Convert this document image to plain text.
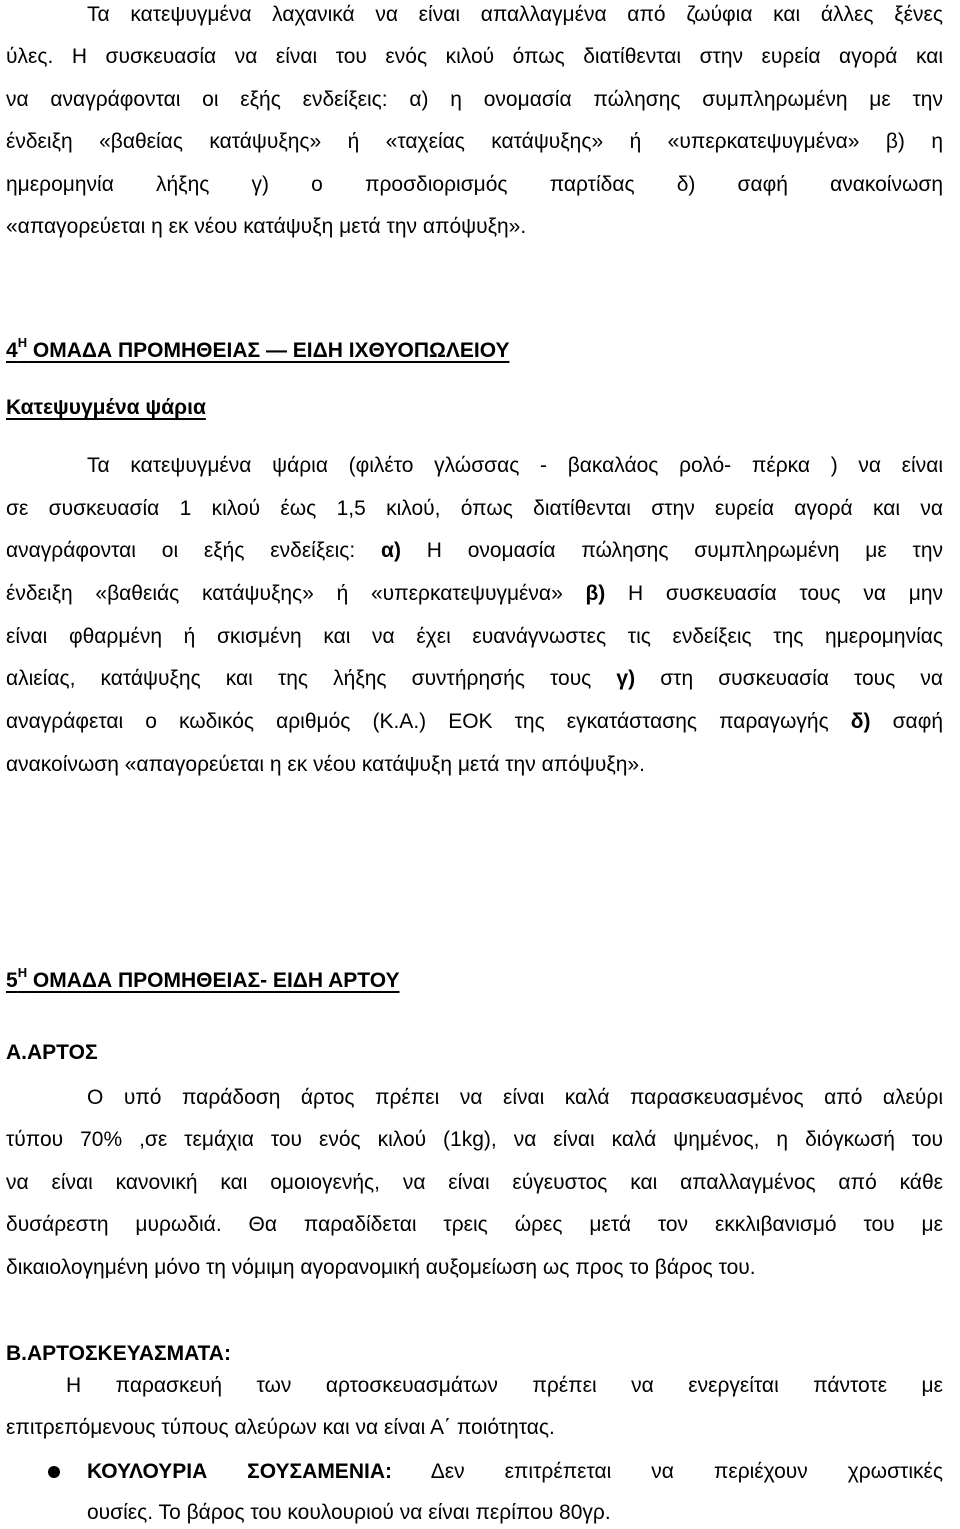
Τα κατεψυγμένα λαχανικά να είναι απαλλαγμένα από ζωύφια και άλλες ξένες
ύλες. Η συσκευασία να είναι του ενός κιλού όπως διατίθενται στην ευρεία αγορά και
να αναγράφονται οι εξής ενδείξεις: α) η ονομασία πώλησης συμπληρωμένη με την
ένδειξη «βαθείας κατάψυξης» ή «ταχείας κατάψυξης» ή «υπερκατεψυγμένα» β) η
ημερομηνία λήξης γ) ο προσδιορισμός παρτίδας δ) σαφή ανακοίνωση
«απαγορεύεται η εκ νέου κατάψυξη μετά την απόψυξη».
$4^H$ ΟΜΑΔΑ ΠΡΟΜΗΘΕΙΑΣ — ΕΙΔΗ ΙΧΘΥΟΠΩΛΕΙΟΥ
Κατεψυγμένα ψάρια
Τα κατεψυγμένα ψάρια (φιλέτο γλώσσας - βακαλάος ρολό- πέρκα ) να είναι
σε συσκευασία 1 κιλού έως 1,5 κιλού, όπως διατίθενται στην ευρεία αγορά και να
αναγράφονται οι εξής ενδείξεις: α) Η ονομασία πώλησης συμπληρωμένη με την
ένδειξη «βαθειάς κατάψυξης» ή «υπερκατεψυγμένα» β) Η συσκευασία τους να μην
είναι φθαρμένη ή σκισμένη και να έχει ευανάγνωστες τις ενδείξεις της ημερομηνίας
αλιείας, κατάψυξης και της λήξης συντήρησής τους γ) στη συσκευασία τους να
αναγράφεται ο κωδικός αριθμός (Κ.Α.) ΕΟΚ της εγκατάστασης παραγωγής δ) σαφή
ανακοίνωση «απαγορεύεται η εκ νέου κατάψυξη μετά την απόψυξη».
$5^H$ ΟΜΑΔΑ ΠΡΟΜΗΘΕΙΑΣ- ΕΙΔΗ ΑΡΤΟΥ
Α.ΑΡΤΟΣ
Ο υπό παράδοση άρτος πρέπει να είναι καλά παρασκευασμένος από αλεύρι
τύπου 70% ,σε τεμάχια του ενός κιλού (1kg), να είναι καλά ψημένος, η διόγκωσή του
να είναι κανονική και ομοιογενής, να είναι εύγευστος και απαλλαγμένος από κάθε
δυσάρεστη μυρωδιά. Θα παραδίδεται τρεις ώρες μετά τον εκκλιβανισμό του με
δικαιολογημένη μόνο τη νόμιμη αγορανομική αυξομείωση ως προς το βάρος του.
Β.ΑΡΤΟΣΚΕΥΑΣΜΑΤΑ:
Η παρασκευή των αρτοσκευασμάτων πρέπει να ενεργείται πάντοτε με
επιτρεπόμενους τύπους αλεύρων και να είναι Α΄ ποιότητας.
ΚΟΥΛΟΥΡΙΑ ΣΟΥΣΑΜΕΝΙΑ: Δεν επιτρέπεται να περιέχουν χρωστικές
ουσίες. Το βάρος του κουλουριού να είναι περίπου 80γρ.
